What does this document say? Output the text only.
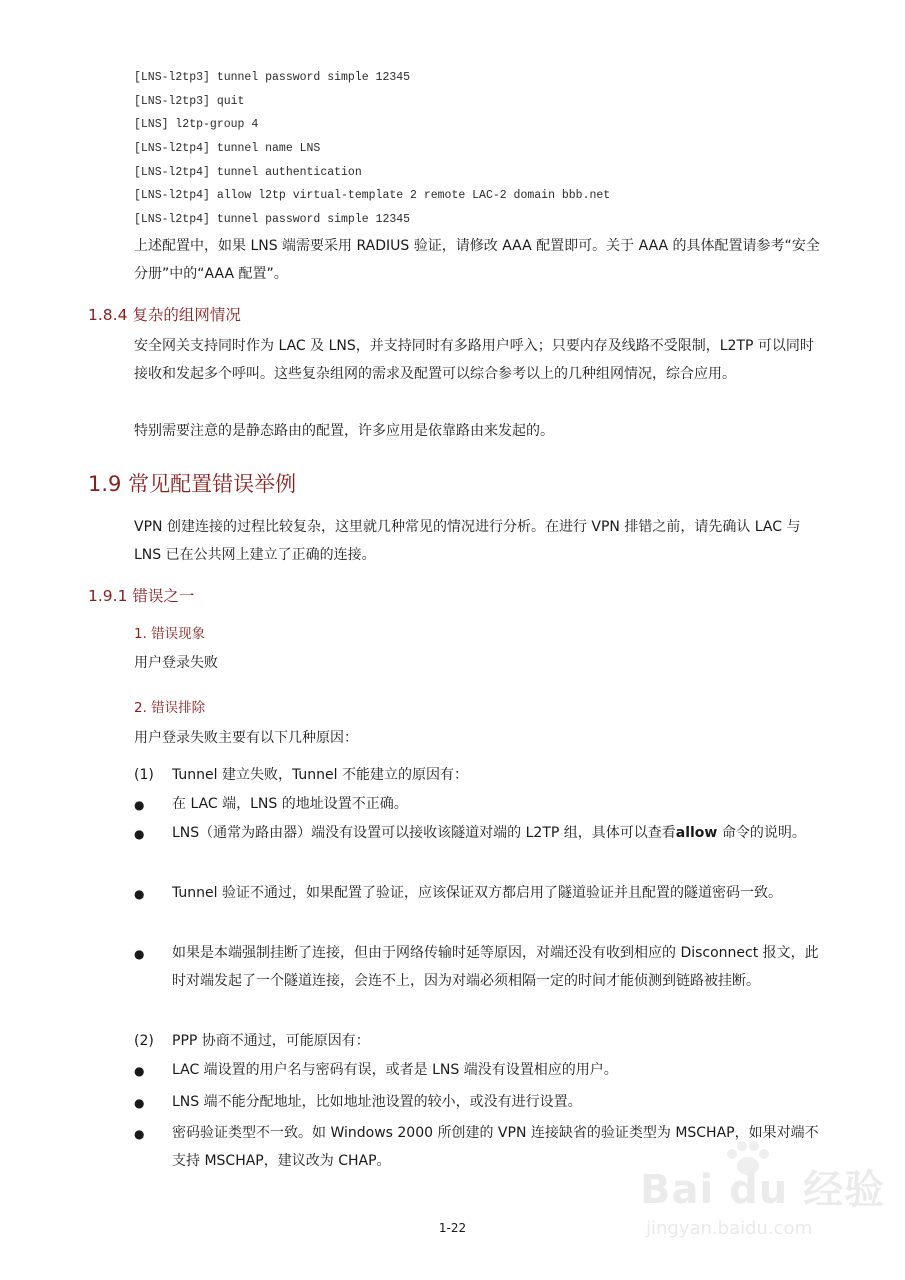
[LNS-l2tp3] tunnel password simple 12345
[LNS-l2tp3] quit
[LNS] l2tp-group 4
[LNS-l2tp4] tunnel name LNS
[LNS-l2tp4] tunnel authentication
[LNS-l2tp4] allow l2tp virtual-template 2 remote LAC-2 domain bbb.net
[LNS-l2tp4] tunnel password simple 12345
上述配置中，如果 LNS 端需要采用 RADIUS 验证，请修改 AAA 配置即可。关于 AAA 的具体配置请参考“安全分册”中的“AAA 配置”。
1.8.4 复杂的组网情况
安全网关支持同时作为 LAC 及 LNS，并支持同时有多路用户呼入；只要内存及线路不受限制，L2TP 可以同时接收和发起多个呼叫。这些复杂组网的需求及配置可以综合参考以上的几种组网情况，综合应用。
特别需要注意的是静态路由的配置，许多应用是依靠路由来发起的。
1.9 常见配置错误举例
VPN 创建连接的过程比较复杂，这里就几种常见的情况进行分析。在进行 VPN 排错之前，请先确认 LAC 与 LNS 已在公共网上建立了正确的连接。
1.9.1 错误之一
1. 错误现象
用户登录失败
2. 错误排除
用户登录失败主要有以下几种原因：
(1) Tunnel 建立失败，Tunnel 不能建立的原因有：
● 在 LAC 端，LNS 的地址设置不正确。
● LNS（通常为路由器）端没有设置可以接收该隧道对端的 L2TP 组，具体可以查看allow 命令的说明。
● Tunnel 验证不通过，如果配置了验证，应该保证双方都启用了隧道验证并且配置的隧道密码一致。
● 如果是本端强制挂断了连接，但由于网络传输时延等原因，对端还没有收到相应的 Disconnect 报文，此时对端发起了一个隧道连接，会连不上，因为对端必须相隔一定的时间才能侦测到链路被挂断。
(2) PPP 协商不通过，可能原因有：
● LAC 端设置的用户名与密码有误，或者是 LNS 端没有设置相应的用户。
● LNS 端不能分配地址，比如地址池设置的较小，或没有进行设置。
● 密码验证类型不一致。如 Windows 2000 所创建的 VPN 连接缺省的验证类型为 MSCHAP，如果对端不支持 MSCHAP，建议改为 CHAP。
1-22
Bai du 经验
jingyan.baidu.com
